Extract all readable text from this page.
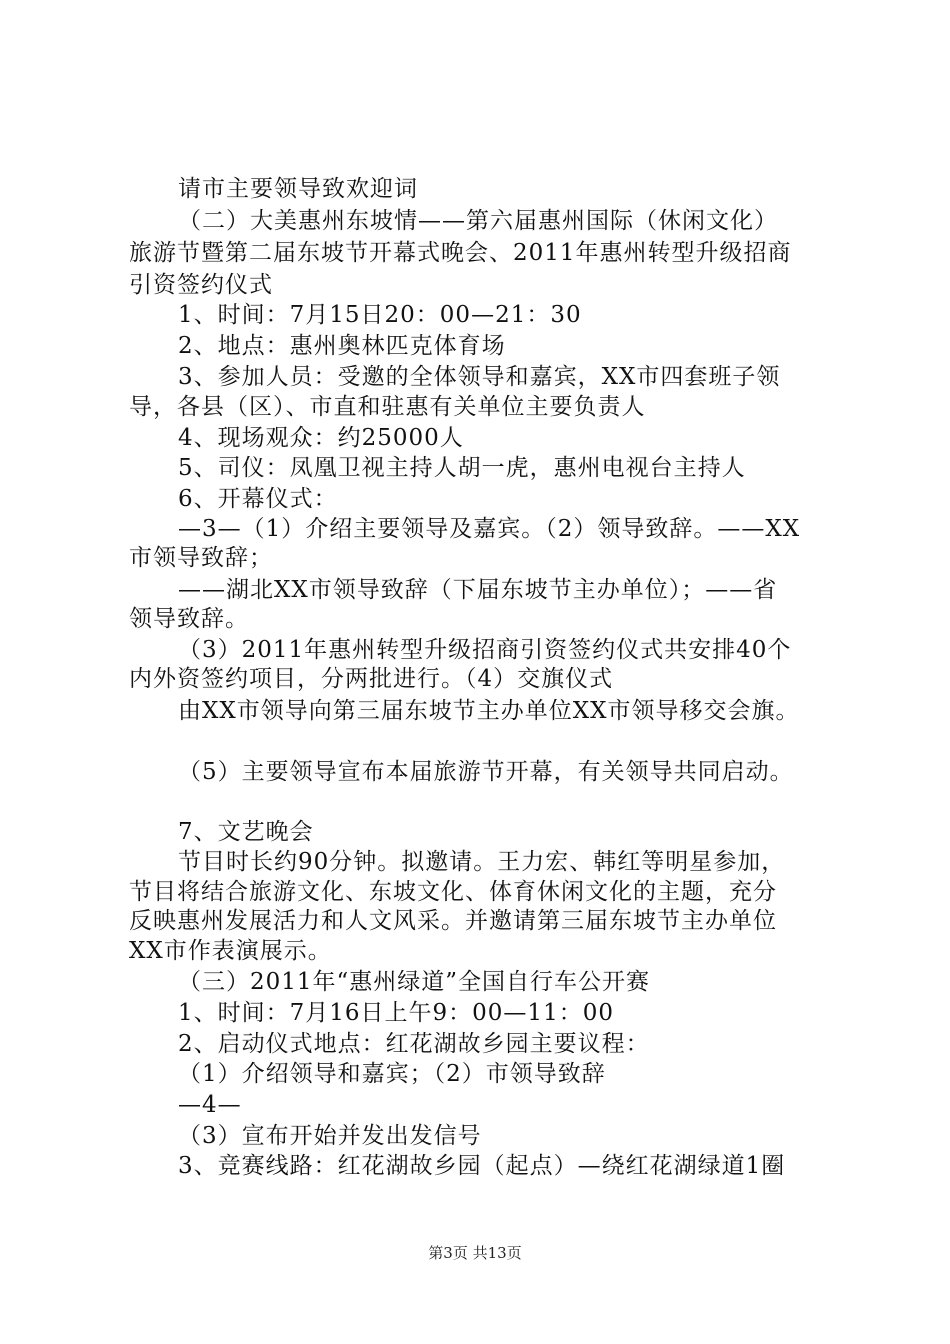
请市主要领导致欢迎词
（二）大美惠州东坡情——第六届惠州国际（休闲文化）
旅游节暨第二届东坡节开幕式晚会、2011年惠州转型升级招商
引资签约仪式
1、时间：7月15日20：00—21：30
2、地点：惠州奥林匹克体育场
3、参加人员：受邀的全体领导和嘉宾，XX市四套班子领
导，各县（区）、市直和驻惠有关单位主要负责人
4、现场观众：约25000人
5、司仪：凤凰卫视主持人胡一虎，惠州电视台主持人
6、开幕仪式：
—3—（1）介绍主要领导及嘉宾。（2）领导致辞。——XX
市领导致辞；
——湖北XX市领导致辞（下届东坡节主办单位）；——省
领导致辞。
（3）2011年惠州转型升级招商引资签约仪式共安排40个
内外资签约项目，分两批进行。（4）交旗仪式
由XX市领导向第三届东坡节主办单位XX市领导移交会旗。
（5）主要领导宣布本届旅游节开幕，有关领导共同启动。
7、文艺晚会
节目时长约90分钟。拟邀请。王力宏、韩红等明星参加，
节目将结合旅游文化、东坡文化、体育休闲文化的主题，充分
反映惠州发展活力和人文风采。并邀请第三届东坡节主办单位
XX市作表演展示。
（三）2011年“惠州绿道”全国自行车公开赛
1、时间：7月16日上午9：00—11：00
2、启动仪式地点：红花湖故乡园主要议程：
（1）介绍领导和嘉宾；（2）市领导致辞
—4—
（3）宣布开始并发出发信号
3、竞赛线路：红花湖故乡园（起点）—绕红花湖绿道1圈
第3页 共13页
